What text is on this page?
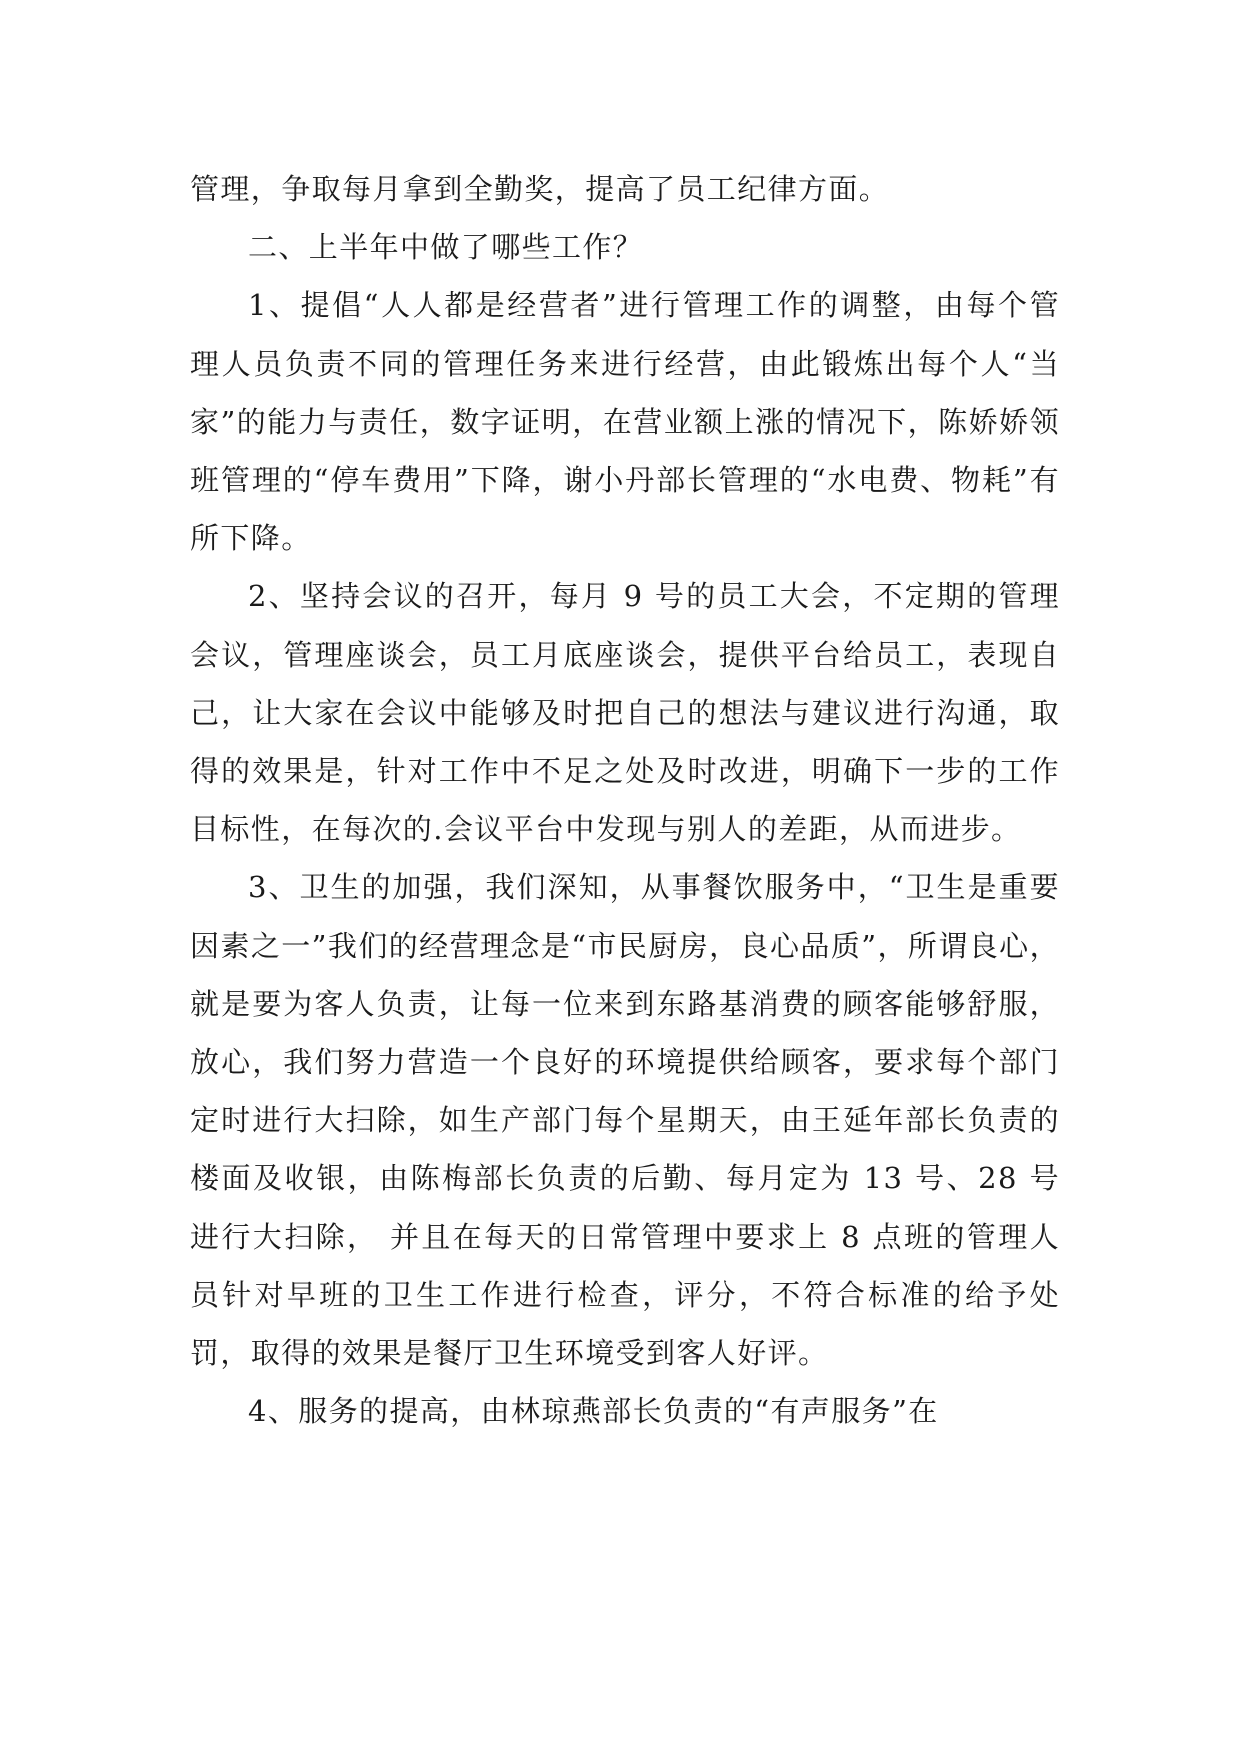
管理，争取每月拿到全勤奖，提高了员工纪律方面。

二、上半年中做了哪些工作？

1、提倡“人人都是经营者”进行管理工作的调整，由每个管理人员负责不同的管理任务来进行经营，由此锻炼出每个人“当家”的能力与责任，数字证明，在营业额上涨的情况下，陈娇娇领班管理的“停车费用”下降，谢小丹部长管理的“水电费、物耗”有所下降。

2、坚持会议的召开，每月 9 号的员工大会，不定期的管理会议，管理座谈会，员工月底座谈会，提供平台给员工，表现自己，让大家在会议中能够及时把自己的想法与建议进行沟通，取得的效果是，针对工作中不足之处及时改进，明确下一步的工作目标性，在每次的.会议平台中发现与别人的差距，从而进步。

3、卫生的加强，我们深知，从事餐饮服务中，“卫生是重要因素之一”我们的经营理念是“市民厨房，良心品质”，所谓良心，就是要为客人负责，让每一位来到东路基消费的顾客能够舒服，放心，我们努力营造一个良好的环境提供给顾客，要求每个部门定时进行大扫除，如生产部门每个星期天，由王延年部长负责的楼面及收银，由陈梅部长负责的后勤、每月定为 13 号、28 号进行大扫除， 并且在每天的日常管理中要求上 8 点班的管理人员针对早班的卫生工作进行检查，评分，不符合标准的给予处罚，取得的效果是餐厅卫生环境受到客人好评。

4、服务的提高，由林琼燕部长负责的“有声服务”在
